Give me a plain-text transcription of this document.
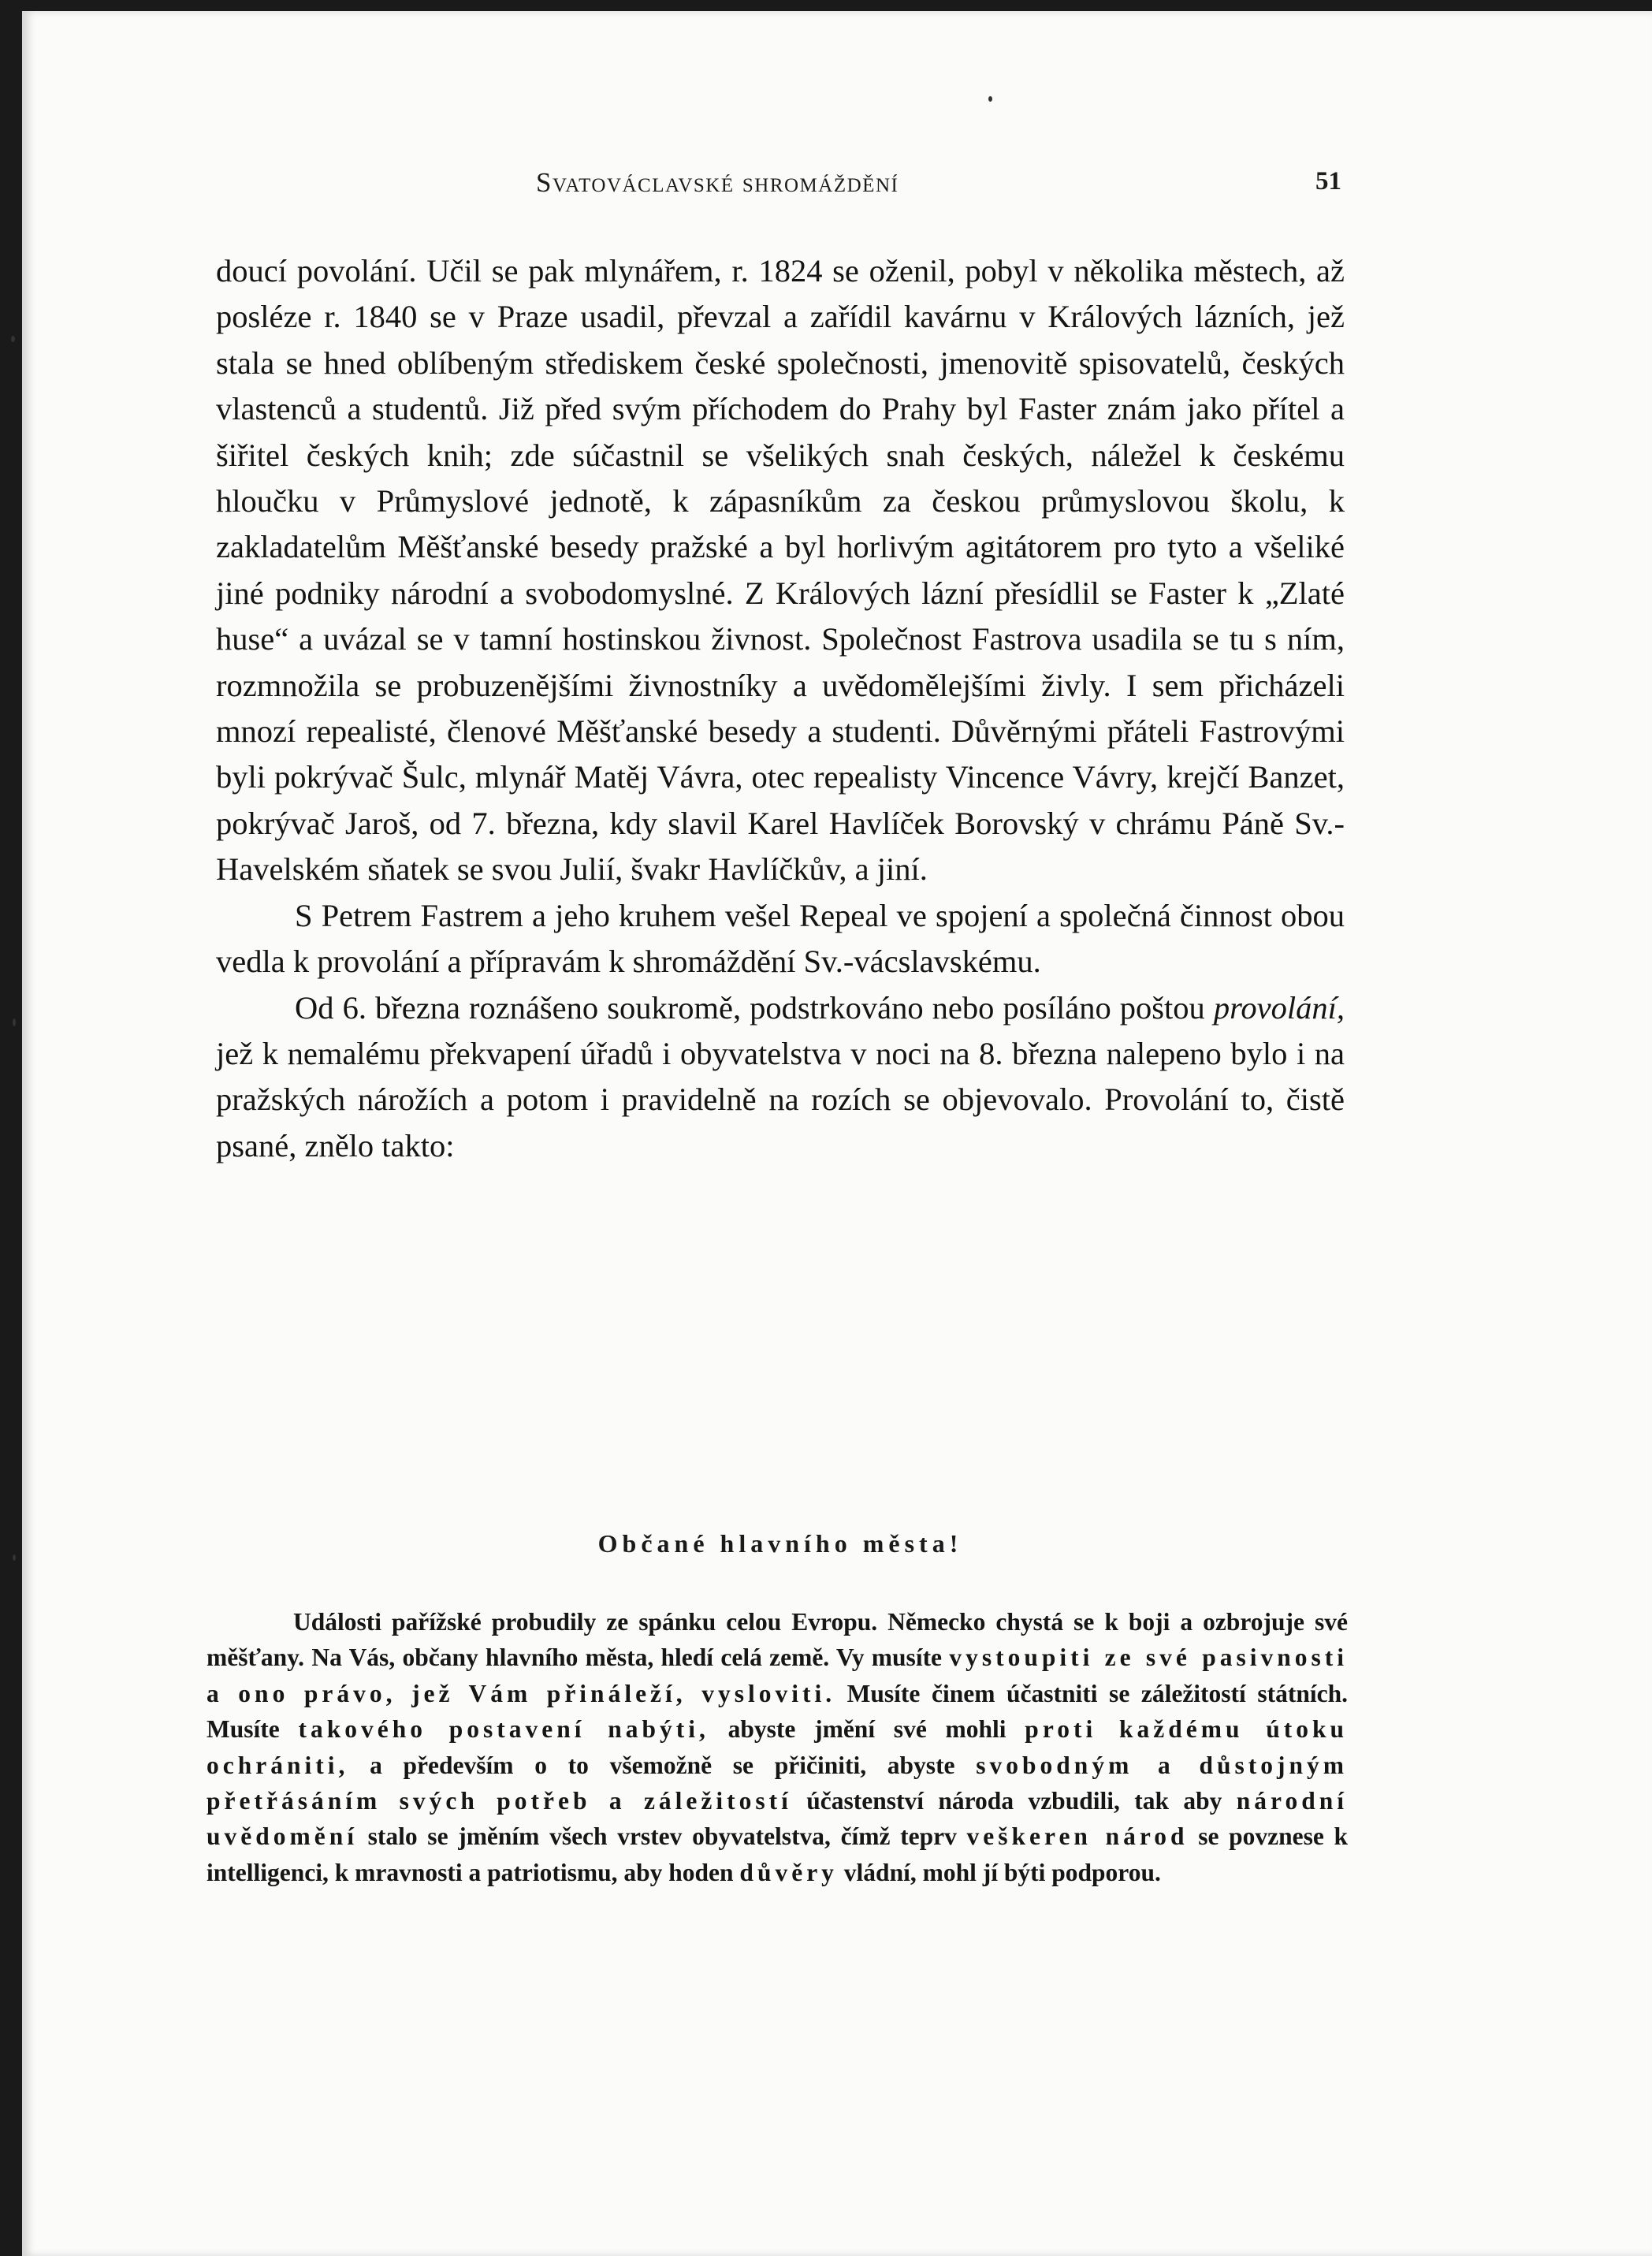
Svatováclavské shromáždění	51

doucí povolání. Učil se pak mlynářem, r. 1824 se oženil, pobyl v několika městech, až posléze r. 1840 se v Praze usadil, převzal a zařídil kavárnu v Králových lázních, jež stala se hned oblíbeným střediskem české společnosti, jmenovitě spisovatelů, českých vlastenců a studentů. Již před svým příchodem do Prahy byl Faster znám jako přítel a šiřitel českých knih; zde súčastnil se všelikých snah českých, náležel k českému hloučku v Průmyslové jednotě, k zápasníkům za českou průmyslovou školu, k zakladatelům Měšťanské besedy pražské a byl horlivým agitátorem pro tyto a všeliké jiné podniky národní a svobodomyslné. Z Králových lázní přesídlil se Faster k „Zlaté huse“ a uvázal se v tamní hostinskou živnost. Společnost Fastrova usadila se tu s ním, rozmnožila se probuzenějšími živnostníky a uvědomělejšími živly. I sem přicházeli mnozí repealisté, členové Měšťanské besedy a studenti. Důvěrnými přáteli Fastrovými byli pokrývač Šulc, mlynář Matěj Vávra, otec repealisty Vincence Vávry, krejčí Banzet, pokrývač Jaroš, od 7. března, kdy slavil Karel Havlíček Borovský v chrámu Páně Sv.-Havelském sňatek se svou Julií, švakr Havlíčkův, a jiní.

S Petrem Fastrem a jeho kruhem vešel Repeal ve spojení a společná činnost obou vedla k provolání a přípravám k shromáždění Sv.-vácslavskému.

Od 6. března roznášeno soukromě, podstrkováno nebo posíláno poštou provolání, jež k nemalému překvapení úřadů i obyvatelstva v noci na 8. března nalepeno bylo i na pražských nárožích a potom i pravidelně na rozích se objevovalo. Provolání to, čistě psané, znělo takto:

Občané hlavního města!

Události pařížské probudily ze spánku celou Evropu. Německo chystá se k boji a ozbrojuje své měšťany. Na Vás, občany hlavního města, hledí celá země. Vy musíte vystoupiti ze své pasivnosti a ono právo, jež Vám přináleží, vysloviti. Musíte činem účastniti se záležitostí státních. Musíte takového postavení nabýti, abyste jmění své mohli proti každému útoku ochrániti, a především o to všemožně se přičiniti, abyste svobodným a důstojným přetřásáním svých potřeb a záležitostí účastenství národa vzbudili, tak aby národní uvědomění stalo se jměním všech vrstev obyvatelstva, čímž teprv veškeren národ se povznese k intelligenci, k mravnosti a patriotismu, aby hoden důvěry vládní, mohl jí býti podporou.
